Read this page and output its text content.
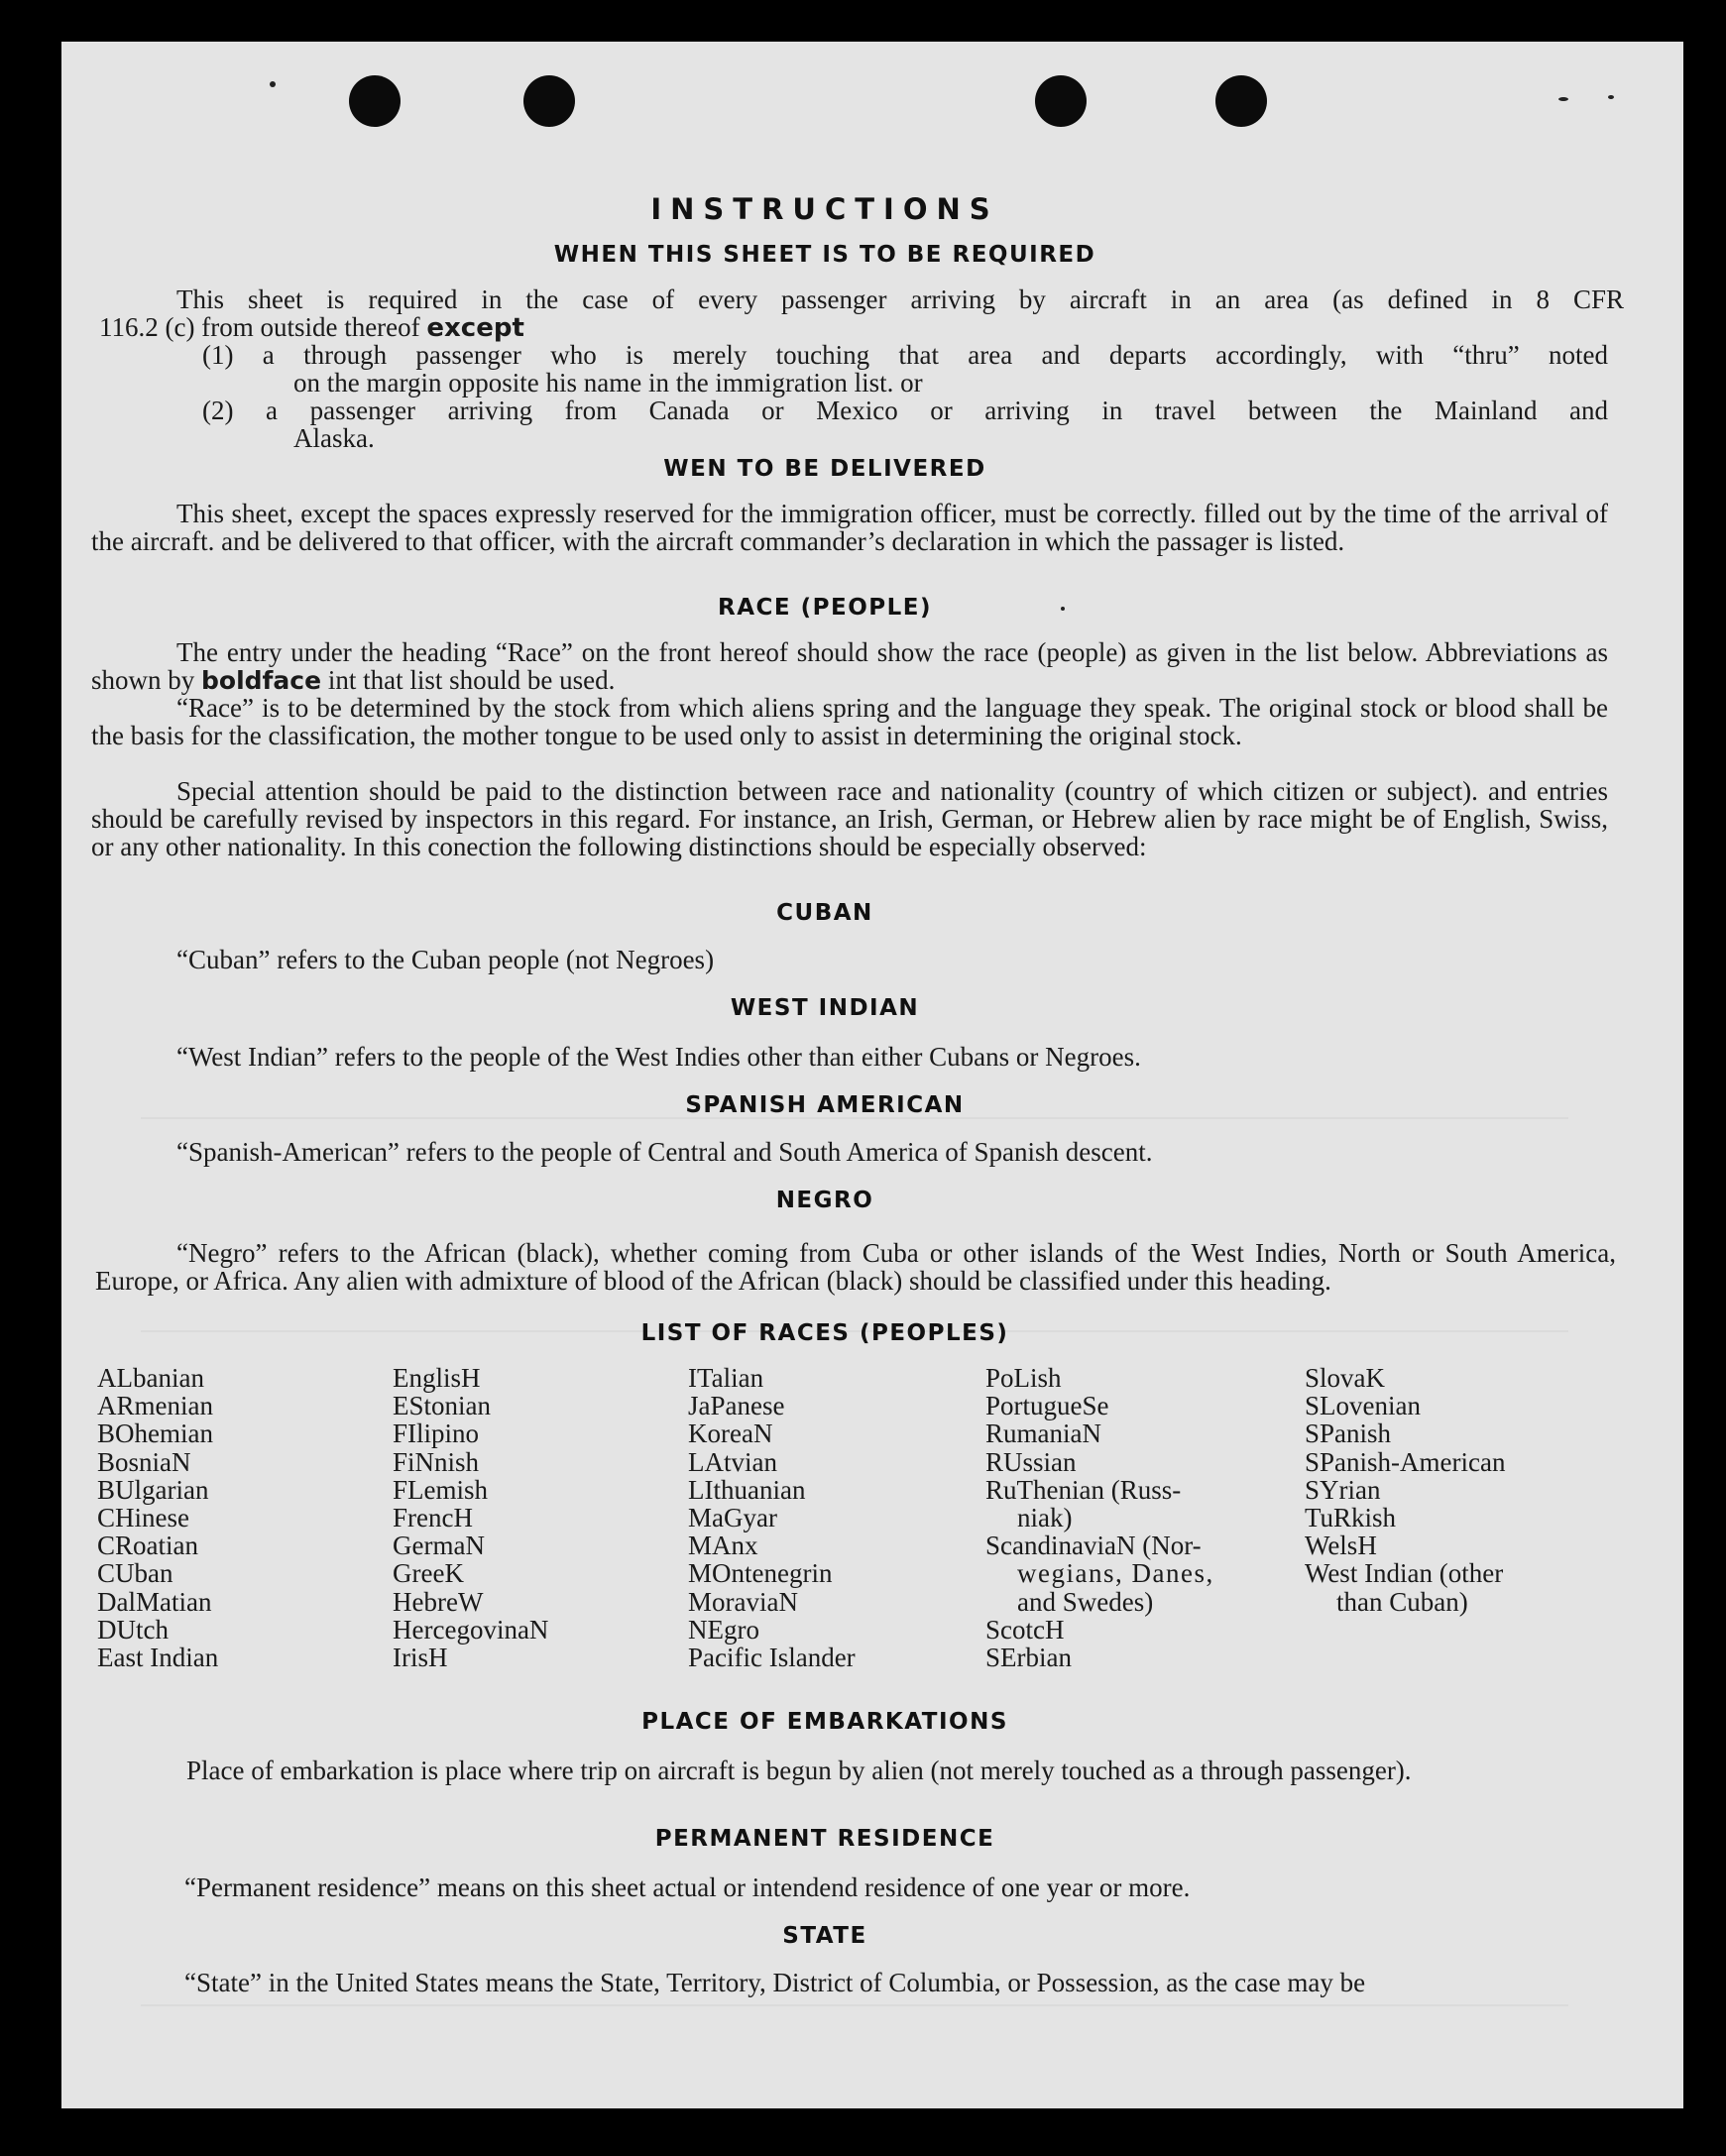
INSTRUCTIONS
WHEN THIS SHEET IS TO BE REQUIRED
This sheet is required in the case of every passenger arriving by aircraft in an area (as defined in 8 CFR
116.2 (c) from outside thereof except
(1) a through passenger who is merely touching that area and departs accordingly, with “thru” noted
on the margin opposite his name in the immigration list. or
(2) a passenger arriving from Canada or Mexico or arriving in travel between the Mainland and
Alaska.
WEN TO BE DELIVERED
This sheet, except the spaces expressly reserved for the immigration officer, must be correctly. filled out by the time of the arrival of the aircraft. and be delivered to that officer, with the aircraft commander’s declaration in which the passager is listed.
RACE (PEOPLE)
The entry under the heading “Race” on the front hereof should show the race (people) as given in the list below. Abbreviations as shown by boldface int that list should be used.
“Race” is to be determined by the stock from which aliens spring and the language they speak. The original stock or blood shall be the basis for the classification, the mother tongue to be used only to assist in determining the original stock.
Special attention should be paid to the distinction between race and nationality (country of which citizen or subject). and entries should be carefully revised by inspectors in this regard. For instance, an Irish, German, or Hebrew alien by race might be of English, Swiss, or any other nationality. In this conection the following distinctions should be especially observed:
CUBAN
“Cuban” refers to the Cuban people (not Negroes)
WEST INDIAN
“West Indian” refers to the people of the West Indies other than either Cubans or Negroes.
SPANISH AMERICAN
“Spanish-American” refers to the people of Central and South America of Spanish descent.
NEGRO
“Negro” refers to the African (black), whether coming from Cuba or other islands of the West Indies, North or South America, Europe, or Africa. Any alien with admixture of blood of the African (black) should be classified under this heading.
LIST OF RACES (PEOPLES)
ALbanian
ARmenian
BOhemian
BosniaN
BUlgarian
CHinese
CRoatian
CUban
DalMatian
DUtch
East Indian
EnglisH
EStonian
FIlipino
FiNnish
FLemish
FrencH
GermaN
GreeK
HebreW
HercegovinaN
IrisH
ITalian
JaPanese
KoreaN
LAtvian
LIthuanian
MaGyar
MAnx
MOntenegrin
MoraviaN
NEgro
Pacific Islander
PoLish
PortugueSe
RumaniaN
RUssian
RuThenian (Russ-
niak)
ScandinaviaN (Nor-
wegians, Danes,
and Swedes)
ScotcH
SErbian
SlovaK
SLovenian
SPanish
SPanish-American
SYrian
TuRkish
WelsH
West Indian (other
than Cuban)
PLACE OF EMBARKATIONS
Place of embarkation is place where trip on aircraft is begun by alien (not merely touched as a through passenger).
PERMANENT RESIDENCE
“Permanent residence” means on this sheet actual or intendend residence of one year or more.
STATE
“State” in the United States means the State, Territory, District of Columbia, or Possession, as the case may be
